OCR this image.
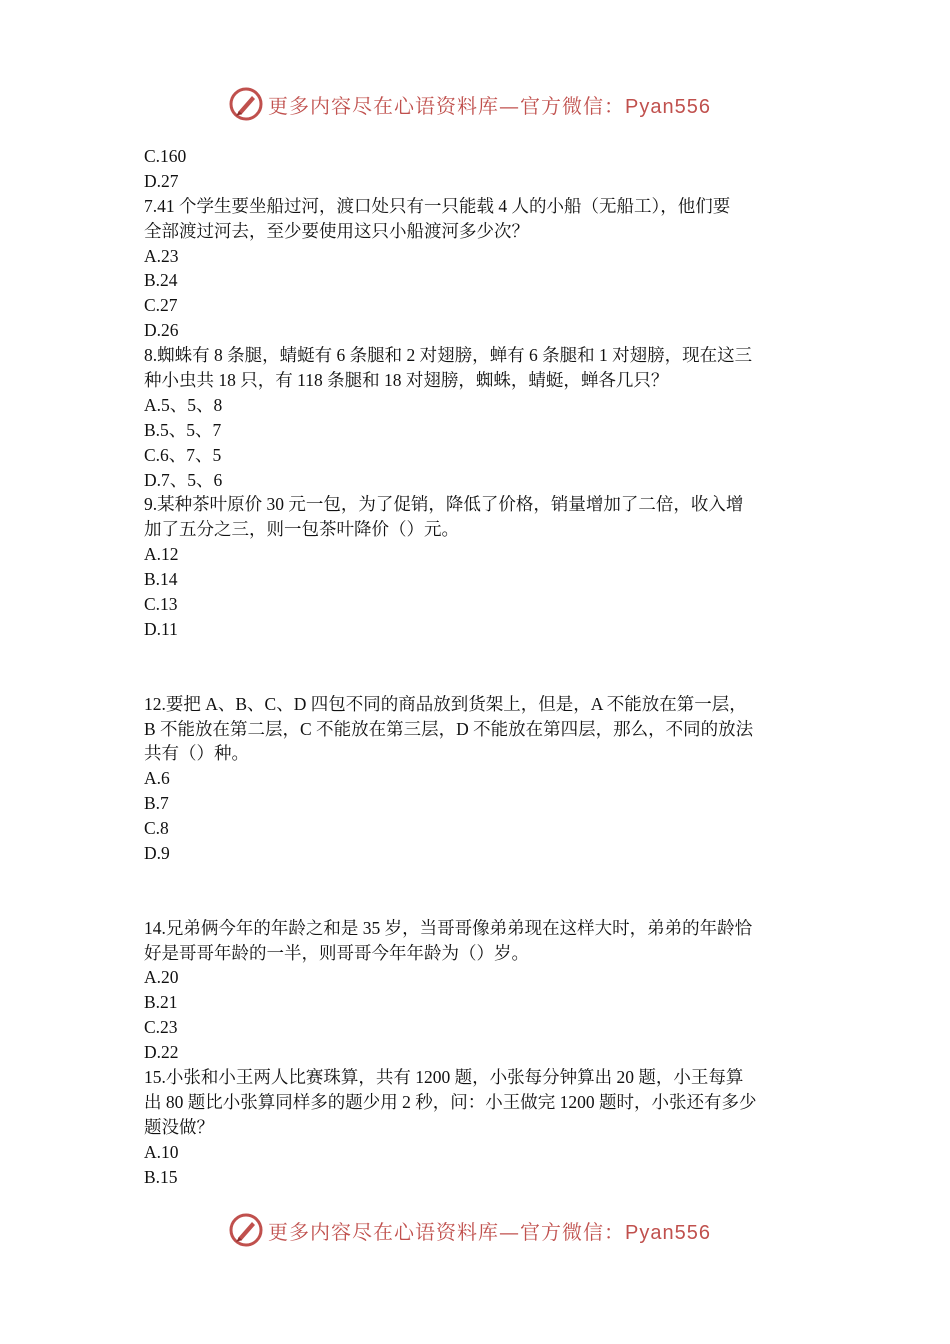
更多内容尽在心语资料库—官方微信：Pyan556
C.160
D.27
7.41 个学生要坐船过河，渡口处只有一只能载 4 人的小船（无船工），他们要
全部渡过河去，至少要使用这只小船渡河多少次？
A.23
B.24
C.27
D.26
8.蜘蛛有 8 条腿，蜻蜓有 6 条腿和 2 对翅膀，蝉有 6 条腿和 1 对翅膀，现在这三
种小虫共 18 只，有 118 条腿和 18 对翅膀，蜘蛛，蜻蜓，蝉各几只？
A.5、5、8
B.5、5、7
C.6、7、5
D.7、5、6
9.某种茶叶原价 30 元一包，为了促销，降低了价格，销量增加了二倍，收入增
加了五分之三，则一包茶叶降价（）元。
A.12
B.14
C.13
D.11
12.要把 A、B、C、D 四包不同的商品放到货架上，但是，A 不能放在第一层，
B 不能放在第二层，C 不能放在第三层，D 不能放在第四层，那么，不同的放法
共有（）种。
A.6
B.7
C.8
D.9
14.兄弟俩今年的年龄之和是 35 岁，当哥哥像弟弟现在这样大时，弟弟的年龄恰
好是哥哥年龄的一半，则哥哥今年年龄为（）岁。
A.20
B.21
C.23
D.22
15.小张和小王两人比赛珠算，共有 1200 题，小张每分钟算出 20 题，小王每算
出 80 题比小张算同样多的题少用 2 秒，问：小王做完 1200 题时，小张还有多少
题没做？
A.10
B.15
更多内容尽在心语资料库—官方微信：Pyan556
